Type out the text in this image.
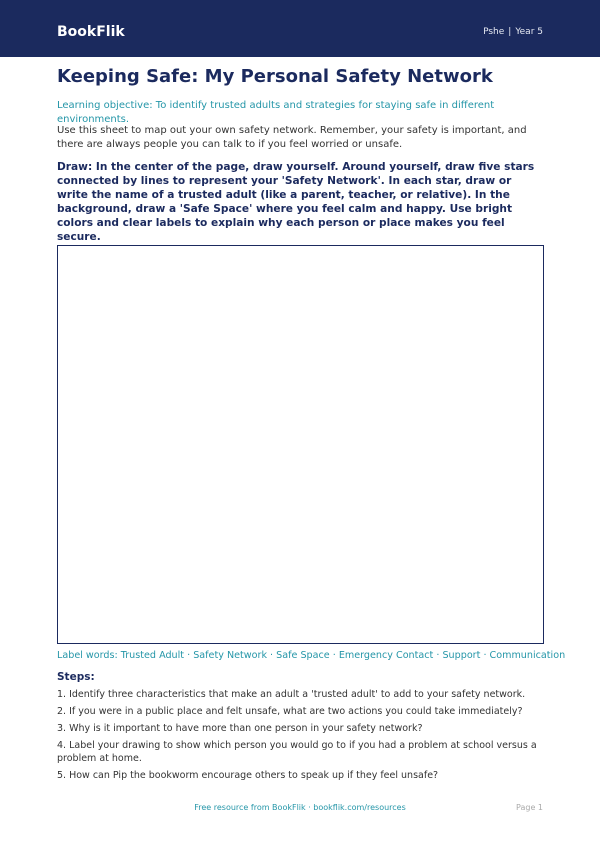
BookFlik	Pshe | Year 5
Keeping Safe: My Personal Safety Network
Learning objective: To identify trusted adults and strategies for staying safe in different environments.
Use this sheet to map out your own safety network. Remember, your safety is important, and there are always people you can talk to if you feel worried or unsafe.
Draw: In the center of the page, draw yourself. Around yourself, draw five stars connected by lines to represent your 'Safety Network'. In each star, draw or write the name of a trusted adult (like a parent, teacher, or relative). In the background, draw a 'Safe Space' where you feel calm and happy. Use bright colors and clear labels to explain why each person or place makes you feel secure.
Label words: Trusted Adult · Safety Network · Safe Space · Emergency Contact · Support · Communication
Steps:
1. Identify three characteristics that make an adult a 'trusted adult' to add to your safety network.
2. If you were in a public place and felt unsafe, what are two actions you could take immediately?
3. Why is it important to have more than one person in your safety network?
4. Label your drawing to show which person you would go to if you had a problem at school versus a problem at home.
5. How can Pip the bookworm encourage others to speak up if they feel unsafe?
Free resource from BookFlik · bookflik.com/resources	Page 1
